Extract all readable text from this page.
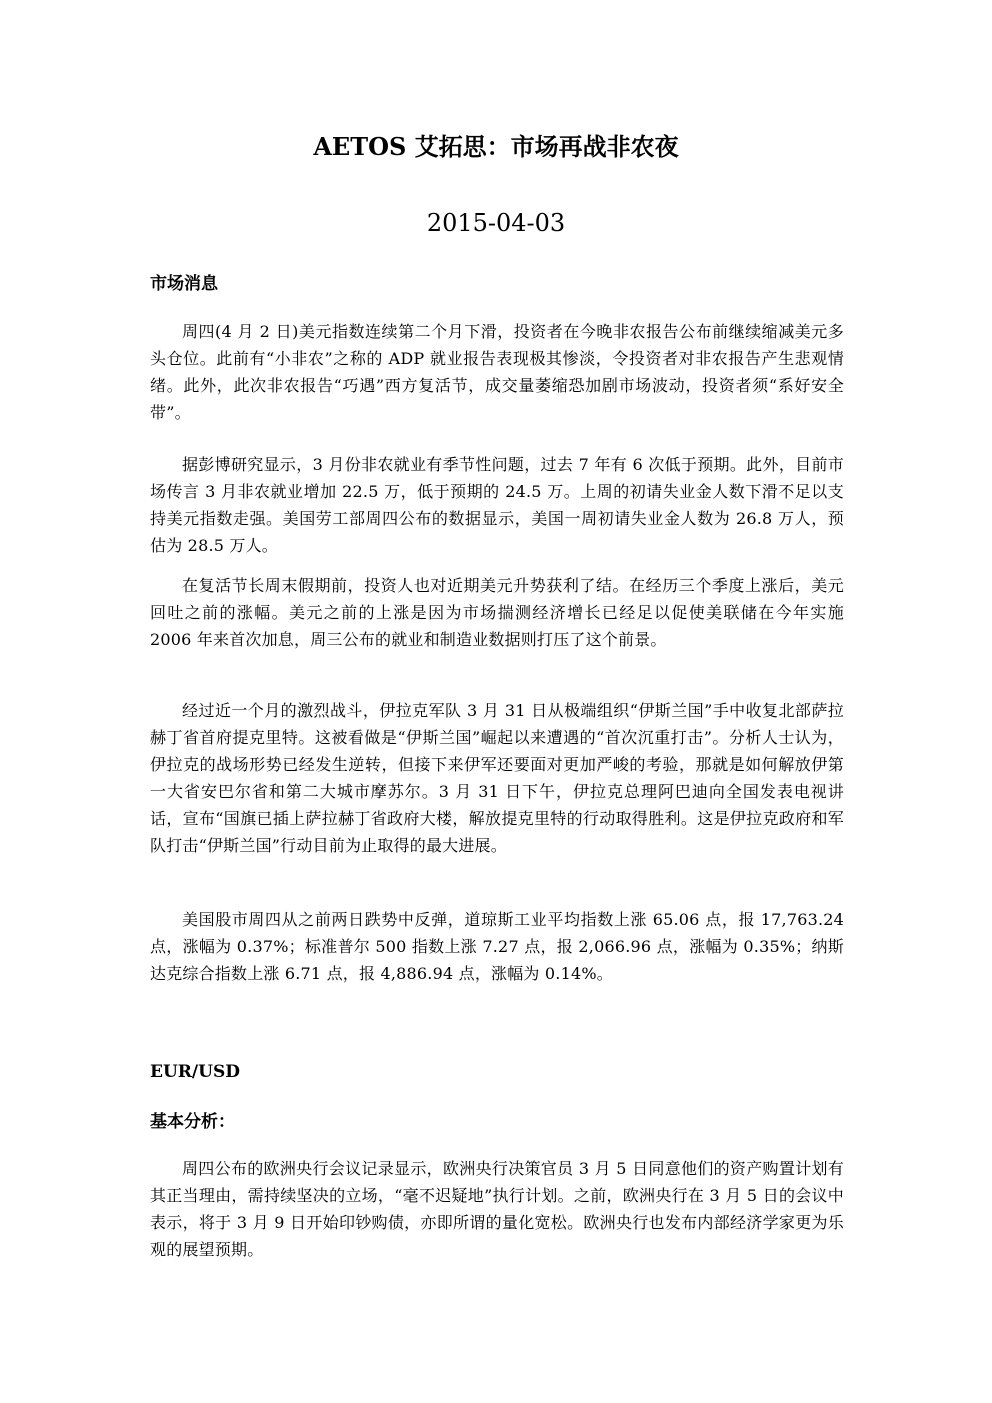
AETOS 艾拓思：市场再战非农夜
2015-04-03
市场消息

周四(4 月 2 日)美元指数连续第二个月下滑，投资者在今晚非农报告公布前继续缩减美元多头仓位。此前有“小非农”之称的 ADP 就业报告表现极其惨淡，令投资者对非农报告产生悲观情绪。此外，此次非农报告“巧遇”西方复活节，成交量萎缩恐加剧市场波动，投资者须“系好安全带”。

据彭博研究显示，3 月份非农就业有季节性问题，过去 7 年有 6 次低于预期。此外，目前市场传言 3 月非农就业增加 22.5 万，低于预期的 24.5 万。上周的初请失业金人数下滑不足以支持美元指数走强。美国劳工部周四公布的数据显示，美国一周初请失业金人数为 26.8 万人，预估为 28.5 万人。

在复活节长周末假期前，投资人也对近期美元升势获利了结。在经历三个季度上涨后，美元回吐之前的涨幅。美元之前的上涨是因为市场揣测经济增长已经足以促使美联储在今年实施 2006 年来首次加息，周三公布的就业和制造业数据则打压了这个前景。

经过近一个月的激烈战斗，伊拉克军队 3 月 31 日从极端组织“伊斯兰国”手中收复北部萨拉赫丁省首府提克里特。这被看做是“伊斯兰国”崛起以来遭遇的“首次沉重打击”。分析人士认为，伊拉克的战场形势已经发生逆转，但接下来伊军还要面对更加严峻的考验，那就是如何解放伊第一大省安巴尔省和第二大城市摩苏尔。3 月 31 日下午，伊拉克总理阿巴迪向全国发表电视讲话，宣布“国旗已插上萨拉赫丁省政府大楼，解放提克里特的行动取得胜利。这是伊拉克政府和军队打击“伊斯兰国”行动目前为止取得的最大进展。

美国股市周四从之前两日跌势中反弹，道琼斯工业平均指数上涨 65.06 点，报 17,763.24 点，涨幅为 0.37%；标准普尔 500 指数上涨 7.27 点，报 2,066.96 点，涨幅为 0.35%；纳斯达克综合指数上涨 6.71 点，报 4,886.94 点，涨幅为 0.14%。

EUR/USD
基本分析：

周四公布的欧洲央行会议记录显示，欧洲央行决策官员 3 月 5 日同意他们的资产购置计划有其正当理由，需持续坚决的立场，“毫不迟疑地”执行计划。之前，欧洲央行在 3 月 5 日的会议中表示，将于 3 月 9 日开始印钞购债，亦即所谓的量化宽松。欧洲央行也发布内部经济学家更为乐观的展望预期。
